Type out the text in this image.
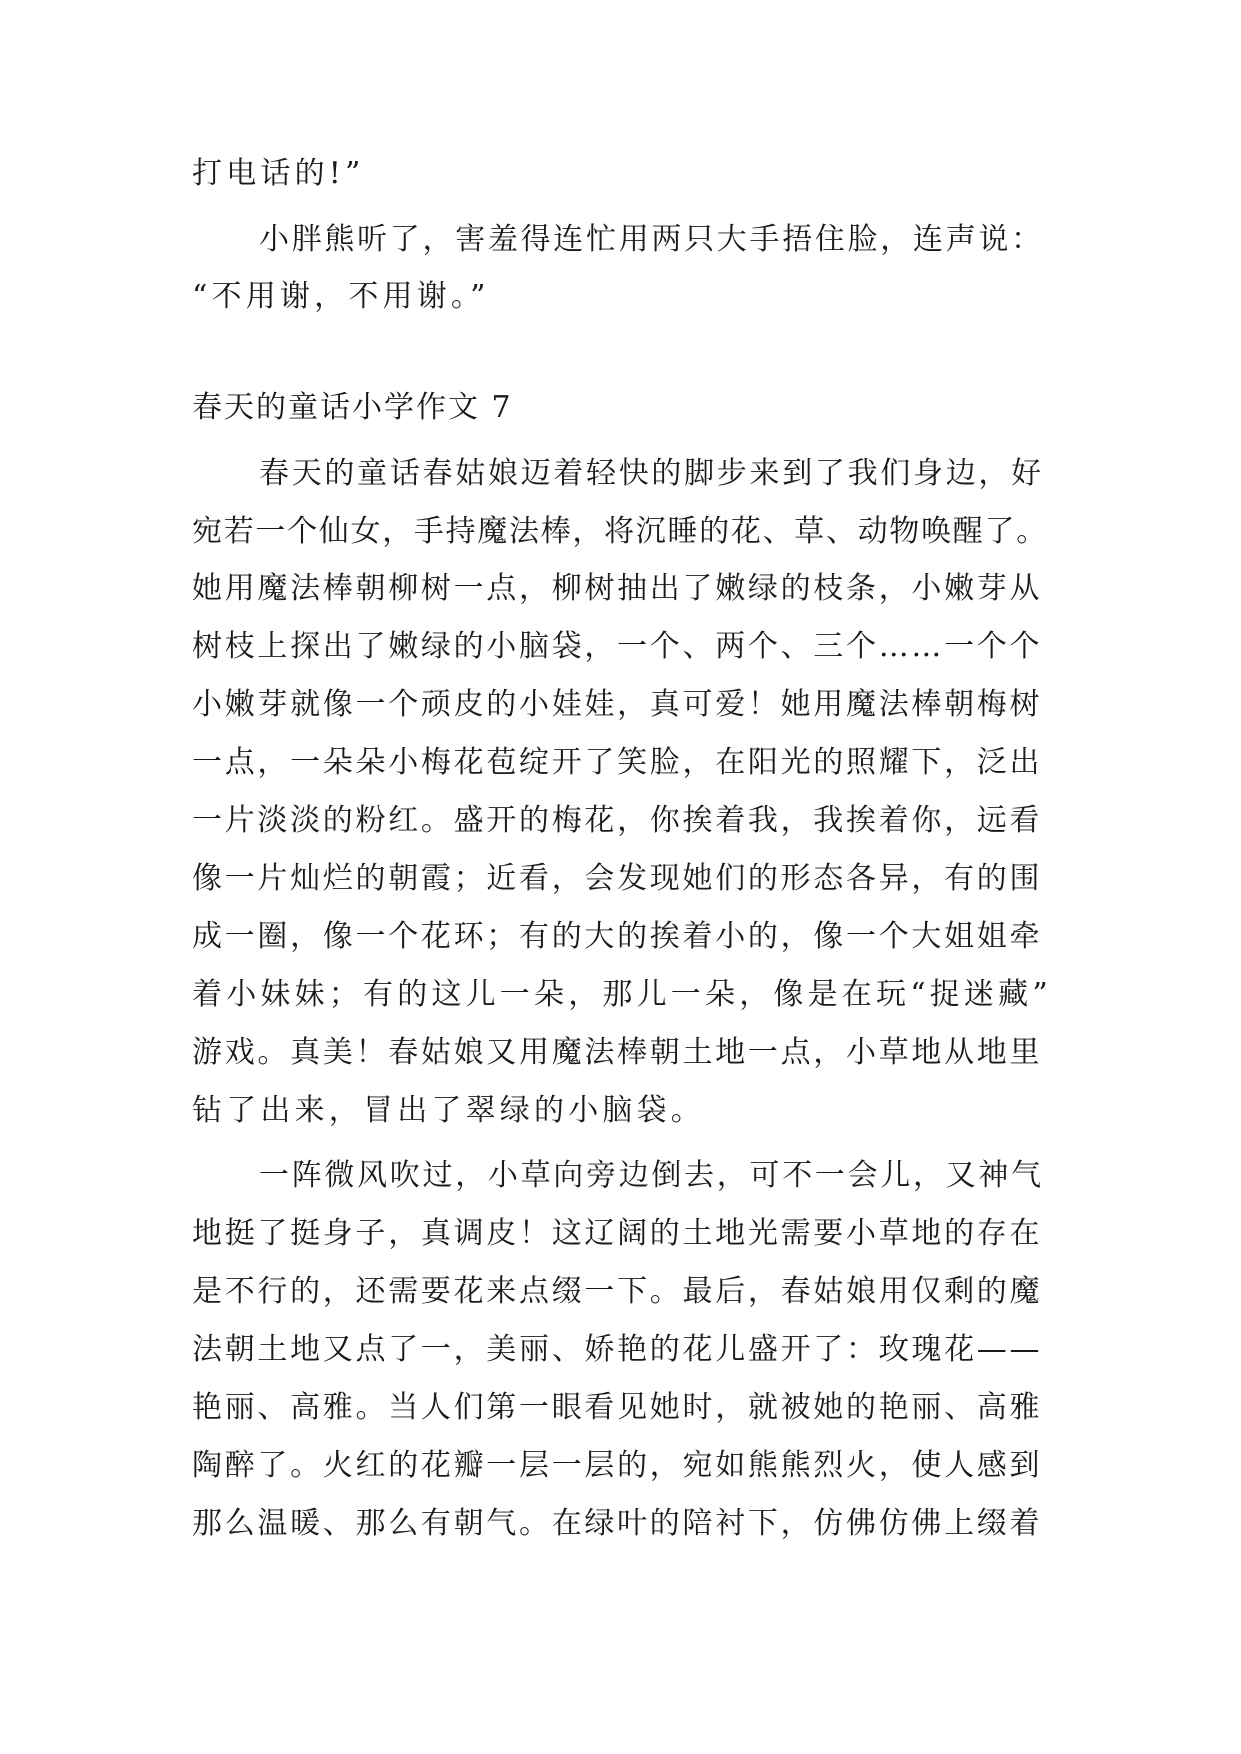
打电话的!”
小胖熊听了，害羞得连忙用两只大手捂住脸，连声说：
“不用谢，不用谢。”
春天的童话小学作文 7
春天的童话春姑娘迈着轻快的脚步来到了我们身边，好
宛若一个仙女，手持魔法棒，将沉睡的花、草、动物唤醒了。
她用魔法棒朝柳树一点，柳树抽出了嫩绿的枝条，小嫩芽从
树枝上探出了嫩绿的小脑袋，一个、两个、三个……一个个
小嫩芽就像一个顽皮的小娃娃，真可爱！她用魔法棒朝梅树
一点，一朵朵小梅花苞绽开了笑脸，在阳光的照耀下，泛出
一片淡淡的粉红。盛开的梅花，你挨着我，我挨着你，远看
像一片灿烂的朝霞；近看，会发现她们的形态各异，有的围
成一圈，像一个花环；有的大的挨着小的，像一个大姐姐牵
着小妹妹；有的这儿一朵，那儿一朵，像是在玩“捉迷藏”
游戏。真美！春姑娘又用魔法棒朝土地一点，小草地从地里
钻了出来，冒出了翠绿的小脑袋。
一阵微风吹过，小草向旁边倒去，可不一会儿，又神气
地挺了挺身子，真调皮！这辽阔的土地光需要小草地的存在
是不行的，还需要花来点缀一下。最后，春姑娘用仅剩的魔
法朝土地又点了一，美丽、娇艳的花儿盛开了：玫瑰花——
艳丽、高雅。当人们第一眼看见她时，就被她的艳丽、高雅
陶醉了。火红的花瓣一层一层的，宛如熊熊烈火，使人感到
那么温暖、那么有朝气。在绿叶的陪衬下，仿佛仿佛上缀着
